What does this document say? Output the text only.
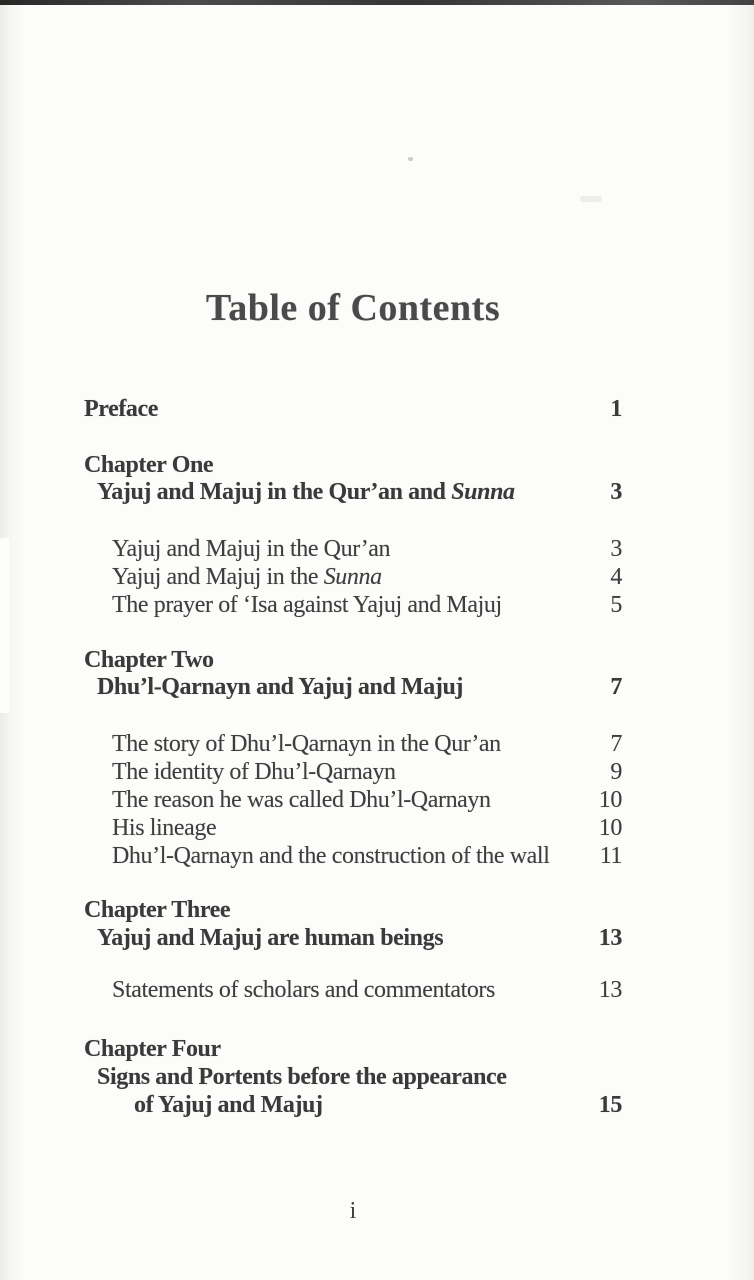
Table of Contents
Preface	1
Chapter One
Yajuj and Majuj in the Qur’an and Sunna	3
Yajuj and Majuj in the Qur’an	3
Yajuj and Majuj in the Sunna	4
The prayer of ‘Isa against Yajuj and Majuj	5
Chapter Two
Dhu’l-Qarnayn and Yajuj and Majuj	7
The story of Dhu’l-Qarnayn in the Qur’an	7
The identity of Dhu’l-Qarnayn	9
The reason he was called Dhu’l-Qarnayn	10
His lineage	10
Dhu’l-Qarnayn and the construction of the wall 11
Chapter Three
Yajuj and Majuj are human beings	13
Statements of scholars and commentators	13
Chapter Four
Signs and Portents before the appearance
of Yajuj and Majuj	15
i
